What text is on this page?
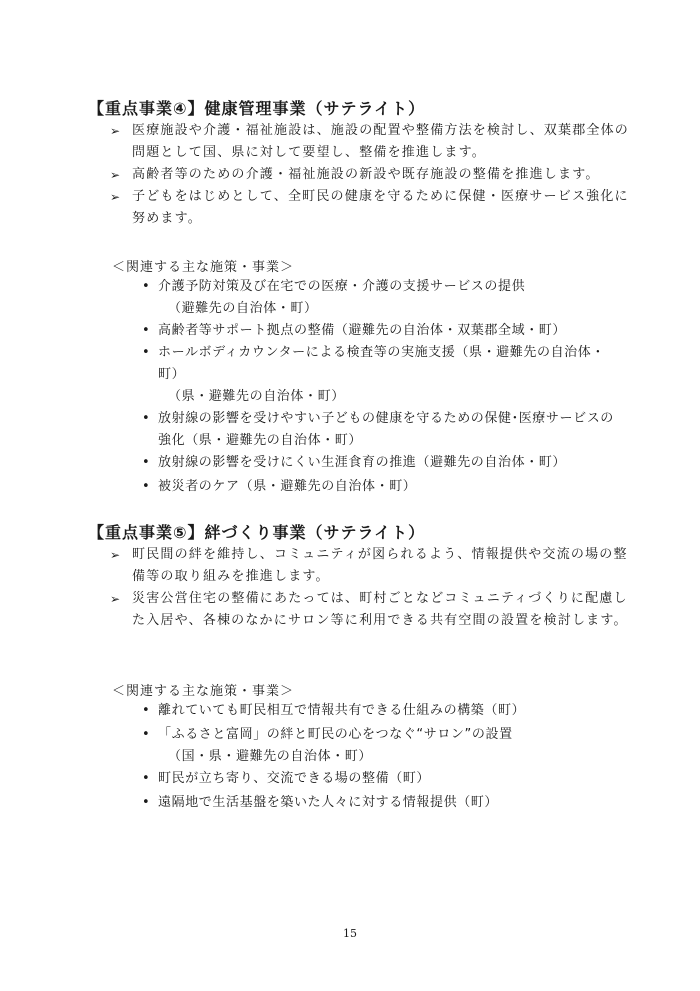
【重点事業④】健康管理事業（サテライト）
➢ 医療施設や介護・福祉施設は、施設の配置や整備方法を検討し、双葉郡全体の問題として国、県に対して要望し、整備を推進します。
➢ 高齢者等のための介護・福祉施設の新設や既存施設の整備を推進します。
➢ 子どもをはじめとして、全町民の健康を守るために保健・医療サービス強化に努めます。
＜関連する主な施策・事業＞
• 介護予防対策及び在宅での医療・介護の支援サービスの提供
（避難先の自治体・町）
• 高齢者等サポート拠点の整備（避難先の自治体・双葉郡全域・町）
• ホールボディカウンターによる検査等の実施支援（県・避難先の自治体・町）
（県・避難先の自治体・町）
• 放射線の影響を受けやすい子どもの健康を守るための保健･医療サービスの強化（県・避難先の自治体・町）
• 放射線の影響を受けにくい生涯食育の推進（避難先の自治体・町）
• 被災者のケア（県・避難先の自治体・町）
【重点事業⑤】絆づくり事業（サテライト）
➢ 町民間の絆を維持し、コミュニティが図られるよう、情報提供や交流の場の整備等の取り組みを推進します。
➢ 災害公営住宅の整備にあたっては、町村ごとなどコミュニティづくりに配慮した入居や、各棟のなかにサロン等に利用できる共有空間の設置を検討します。
＜関連する主な施策・事業＞
• 離れていても町民相互で情報共有できる仕組みの構築（町）
• 「ふるさと富岡」の絆と町民の心をつなぐ“サロン”の設置
（国・県・避難先の自治体・町）
• 町民が立ち寄り、交流できる場の整備（町）
• 遠隔地で生活基盤を築いた人々に対する情報提供（町）
15
